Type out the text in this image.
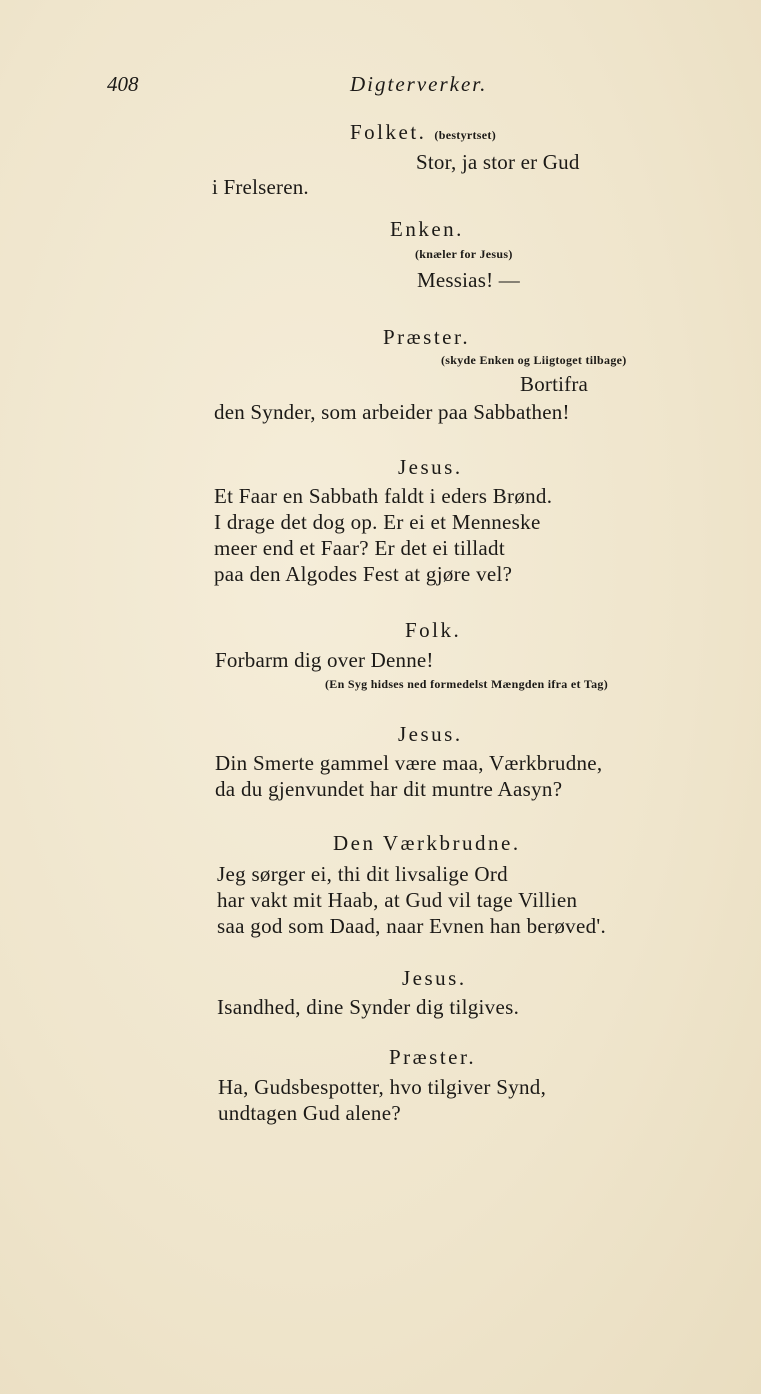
408	Digterverker.
Folket. (bestyrtset)
Stor, ja stor er Gud
i Frelseren.
Enken.
(knæler for Jesus)
Messias! —
Præster.
(skyde Enken og Liigtoget tilbage)
Bortifra
den Synder, som arbeider paa Sabbathen!
Jesus.
Et Faar en Sabbath faldt i eders Brønd.
I drage det dog op. Er ei et Menneske
meer end et Faar? Er det ei tilladt
paa den Algodes Fest at gjøre vel?
Folk.
Forbarm dig over Denne!
(En Syg hidses ned formedelst Mængden ifra et Tag)
Jesus.
Din Smerte gammel være maa, Værkbrudne,
da du gjenvundet har dit muntre Aasyn?
Den Værkbrudne.
Jeg sørger ei, thi dit livsalige Ord
har vakt mit Haab, at Gud vil tage Villien
saa god som Daad, naar Evnen han berøved'.
Jesus.
Isandhed, dine Synder dig tilgives.
Præster.
Ha, Gudsbespotter, hvo tilgiver Synd,
undtagen Gud alene?
